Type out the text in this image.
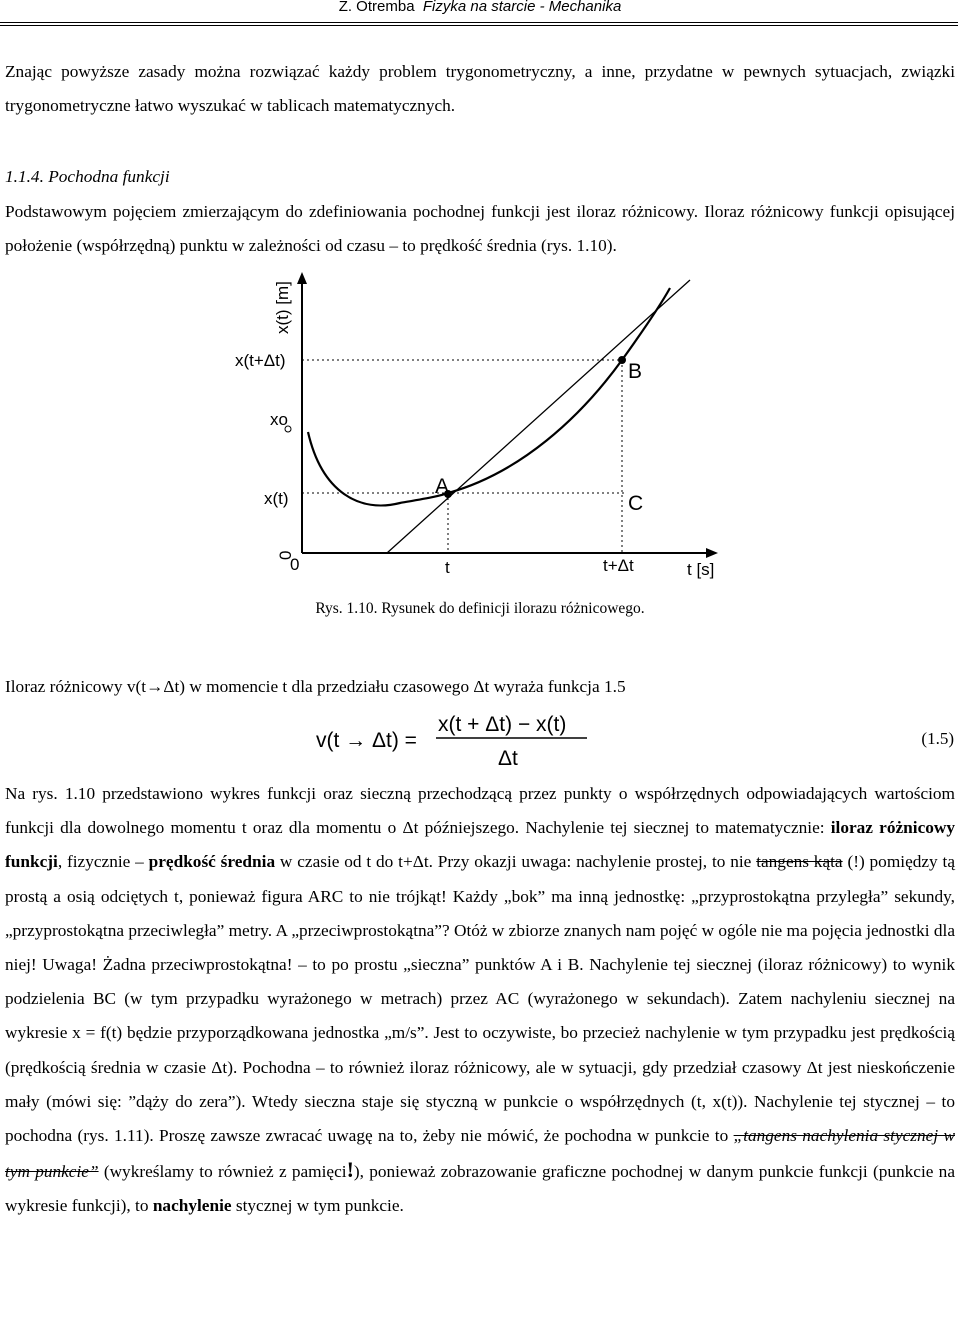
Z. Otremba Fizyka na starcie - Mechanika
Znając powyższe zasady można rozwiązać każdy problem trygonometryczny, a inne, przydatne w pewnych sytuacjach, związki trygonometryczne łatwo wyszukać w tablicach matematycznych.
1.1.4. Pochodna funkcji
Podstawowym pojęciem zmierzającym do zdefiniowania pochodnej funkcji jest iloraz różnicowy. Iloraz różnicowy funkcji opisującej położenie (współrzędną) punktu w zależności od czasu – to prędkość średnia (rys. 1.10).
x(t) [m]
x(t+Δt)
xo
x(t)
0
0	t	t+Δt	t [s]
A
B
C
Rys. 1.10. Rysunek do definicji ilorazu różnicowego.
Iloraz różnicowy v(t→Δt) w momencie t dla przedziału czasowego Δt wyraża funkcja 1.5
v(t → Δt) =
x(t + Δt) − x(t)
Δt
(1.5)
Na rys. 1.10 przedstawiono wykres funkcji oraz sieczną przechodzącą przez punkty o współrzędnych odpowiadających wartościom funkcji dla dowolnego momentu t oraz dla momentu o Δt późniejszego. Nachylenie tej siecznej to matematycznie: iloraz różnicowy funkcji, fizycznie – prędkość średnia w czasie od t do t+Δt. Przy okazji uwaga: nachylenie prostej, to nie tangens kąta (!) pomiędzy tą prostą a osią odciętych t, ponieważ figura ARC to nie trójkąt! Każdy „bok” ma inną jednostkę: „przyprostokątna przyległa” sekundy, „przyprostokątna przeciwległa” metry. A „przeciwprostokątna”? Otóż w zbiorze znanych nam pojęć w ogóle nie ma pojęcia jednostki dla niej! Uwaga! Żadna przeciwprostokątna! – to po prostu „sieczna” punktów A i B. Nachylenie tej siecznej (iloraz różnicowy) to wynik podzielenia BC (w tym przypadku wyrażonego w metrach) przez AC (wyrażonego w sekundach). Zatem nachyleniu siecznej na wykresie x = f(t) będzie przyporządkowana jednostka „m/s”. Jest to oczywiste, bo przecież nachylenie w tym przypadku jest prędkością (prędkością średnia w czasie Δt). Pochodna – to również iloraz różnicowy, ale w sytuacji, gdy przedział czasowy Δt jest nieskończenie mały (mówi się: ”dąży do zera”). Wtedy sieczna staje się styczną w punkcie o współrzędnych (t, x(t)). Nachylenie tej stycznej – to pochodna (rys. 1.11). Proszę zawsze zwracać uwagę na to, żeby nie mówić, że pochodna w punkcie to „tangens nachylenia stycznej w tym punkcie” (wykreślamy to również z pamięci!), ponieważ zobrazowanie graficzne pochodnej w danym punkcie funkcji (punkcie na wykresie funkcji), to nachylenie stycznej w tym punkcie.
